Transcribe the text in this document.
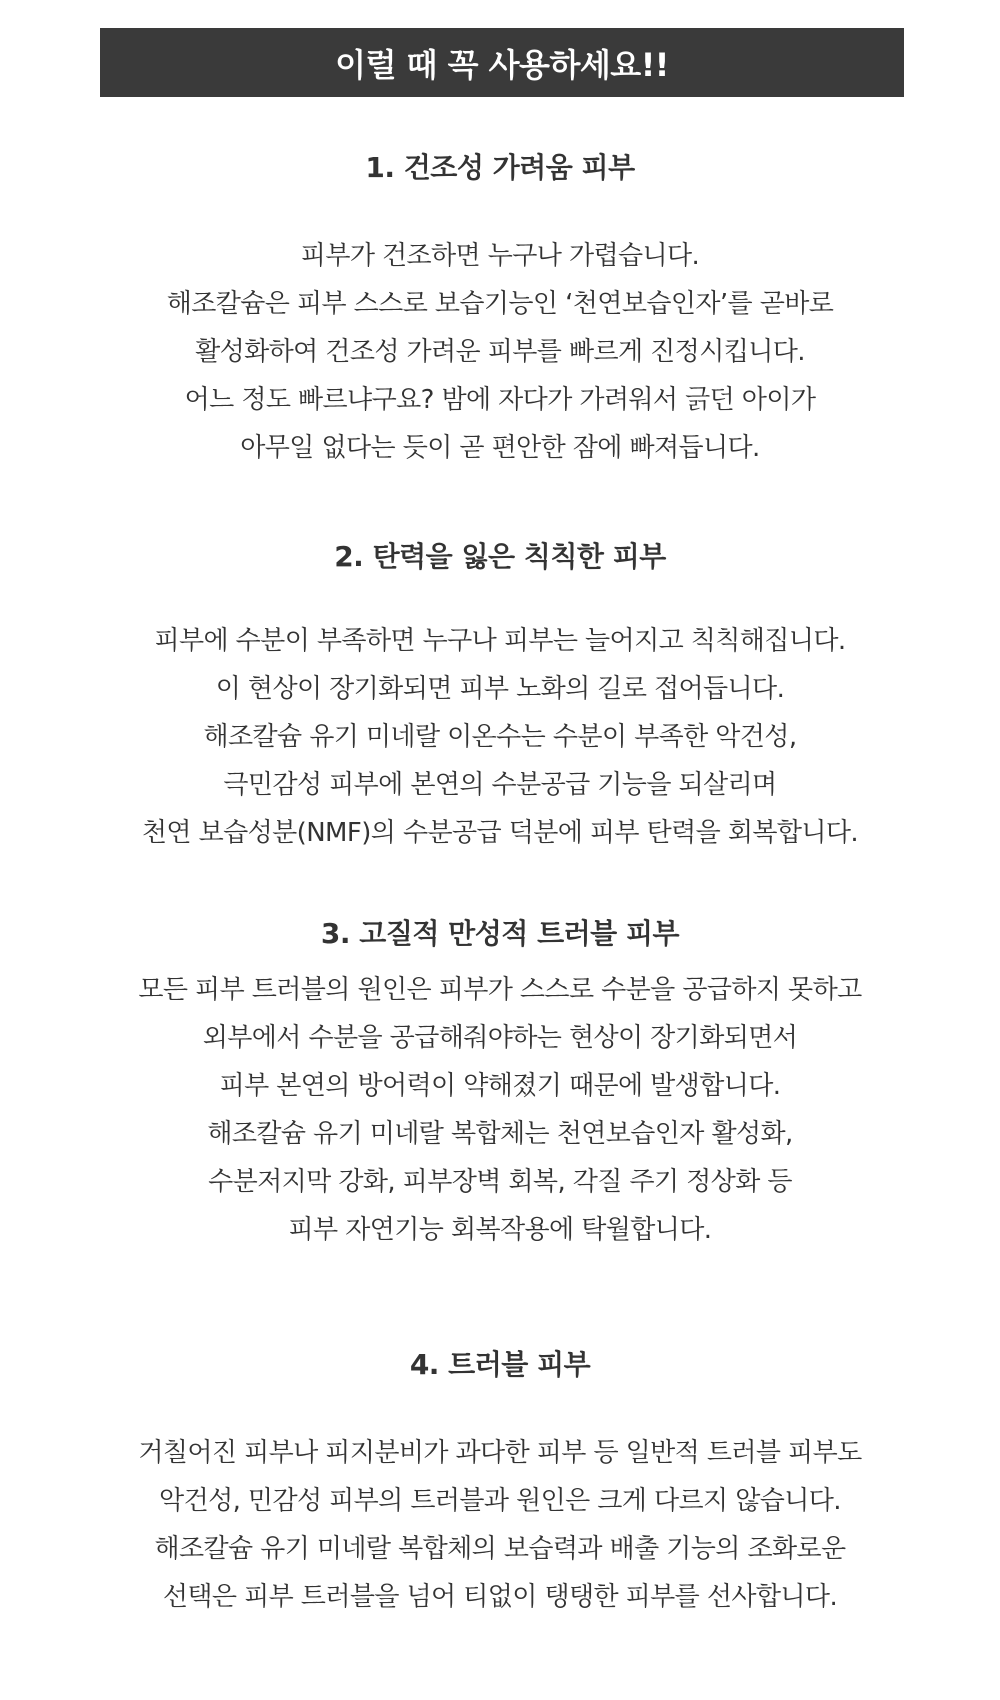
이럴 때 꼭 사용하세요!!
1. 건조성 가려움 피부
피부가 건조하면 누구나 가렵습니다.
해조칼슘은 피부 스스로 보습기능인 ‘천연보습인자’를 곧바로
활성화하여 건조성 가려운 피부를 빠르게 진정시킵니다.
어느 정도 빠르냐구요? 밤에 자다가 가려워서 긁던 아이가
아무일 없다는 듯이 곧 편안한 잠에 빠져듭니다.
2. 탄력을 잃은 칙칙한 피부
피부에 수분이 부족하면 누구나 피부는 늘어지고 칙칙해집니다.
이 현상이 장기화되면 피부 노화의 길로 접어듭니다.
해조칼슘 유기 미네랄 이온수는 수분이 부족한 악건성,
극민감성 피부에 본연의 수분공급 기능을 되살리며
천연 보습성분(NMF)의 수분공급 덕분에 피부 탄력을 회복합니다.
3. 고질적 만성적 트러블 피부
모든 피부 트러블의 원인은 피부가 스스로 수분을 공급하지 못하고
외부에서 수분을 공급해줘야하는 현상이 장기화되면서
피부 본연의 방어력이 약해졌기 때문에 발생합니다.
해조칼슘 유기 미네랄 복합체는 천연보습인자 활성화,
수분저지막 강화, 피부장벽 회복, 각질 주기 정상화 등
피부 자연기능 회복작용에 탁월합니다.
4. 트러블 피부
거칠어진 피부나 피지분비가 과다한 피부 등 일반적 트러블 피부도
악건성, 민감성 피부의 트러블과 원인은 크게 다르지 않습니다.
해조칼슘 유기 미네랄 복합체의 보습력과 배출 기능의 조화로운
선택은 피부 트러블을 넘어 티없이 탱탱한 피부를 선사합니다.
